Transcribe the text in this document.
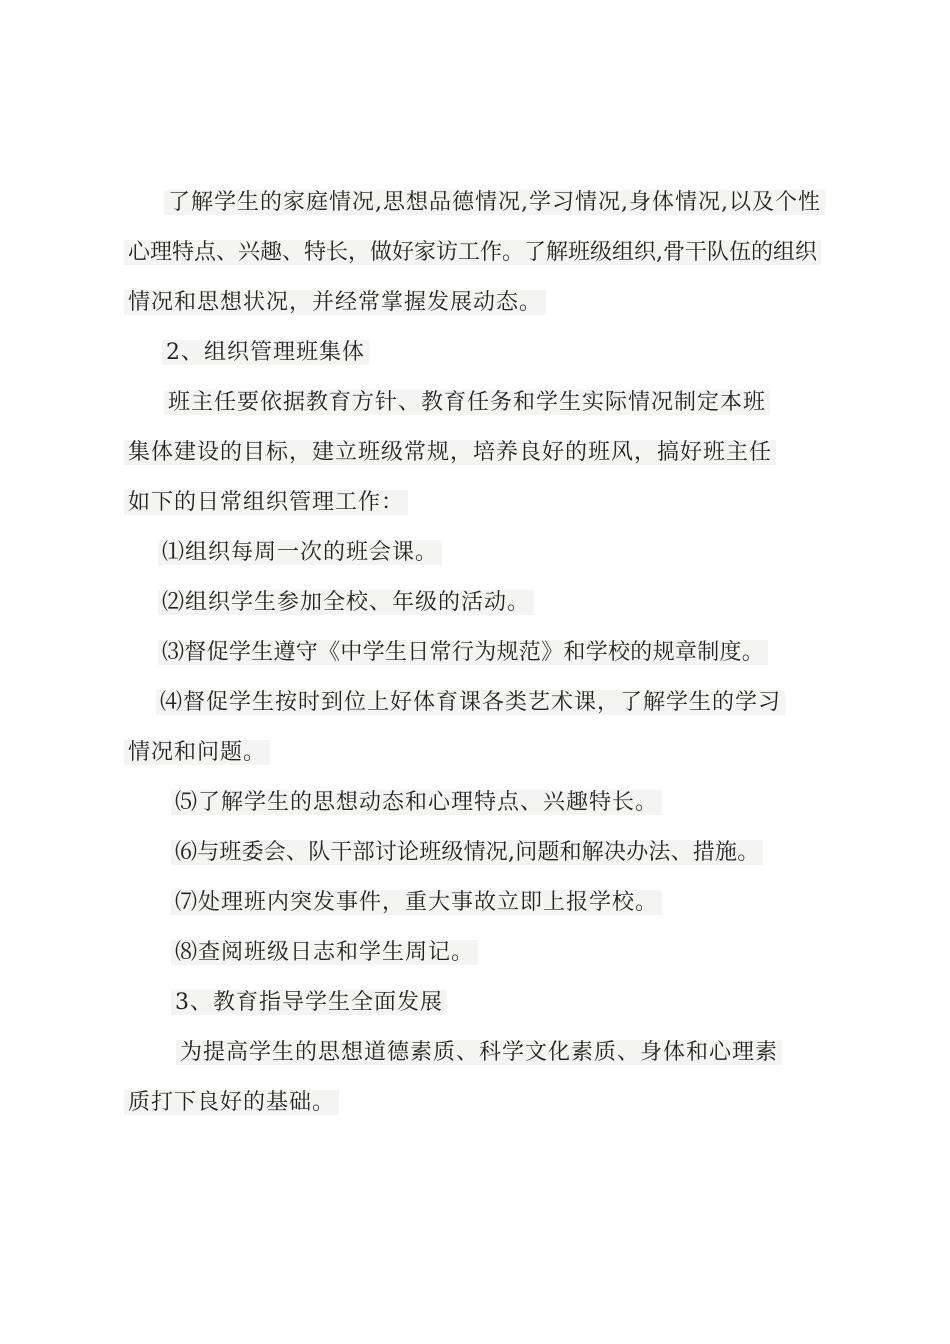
了解学生的家庭情况,思想品德情况,学习情况,身体情况,以及个性
心理特点、兴趣、特长，做好家访工作。了解班级组织,骨干队伍的组织
情况和思想状况，并经常掌握发展动态。
2、组织管理班集体
班主任要依据教育方针、教育任务和学生实际情况制定本班
集体建设的目标，建立班级常规，培养良好的班风，搞好班主任
如下的日常组织管理工作：
⑴组织每周一次的班会课。
⑵组织学生参加全校、年级的活动。
⑶督促学生遵守《中学生日常行为规范》和学校的规章制度。
⑷督促学生按时到位上好体育课各类艺术课，了解学生的学习
情况和问题。
⑸了解学生的思想动态和心理特点、兴趣特长。
⑹与班委会、队干部讨论班级情况,问题和解决办法、措施。
⑺处理班内突发事件，重大事故立即上报学校。
⑻查阅班级日志和学生周记。
3、教育指导学生全面发展
为提高学生的思想道德素质、科学文化素质、身体和心理素
质打下良好的基础。
